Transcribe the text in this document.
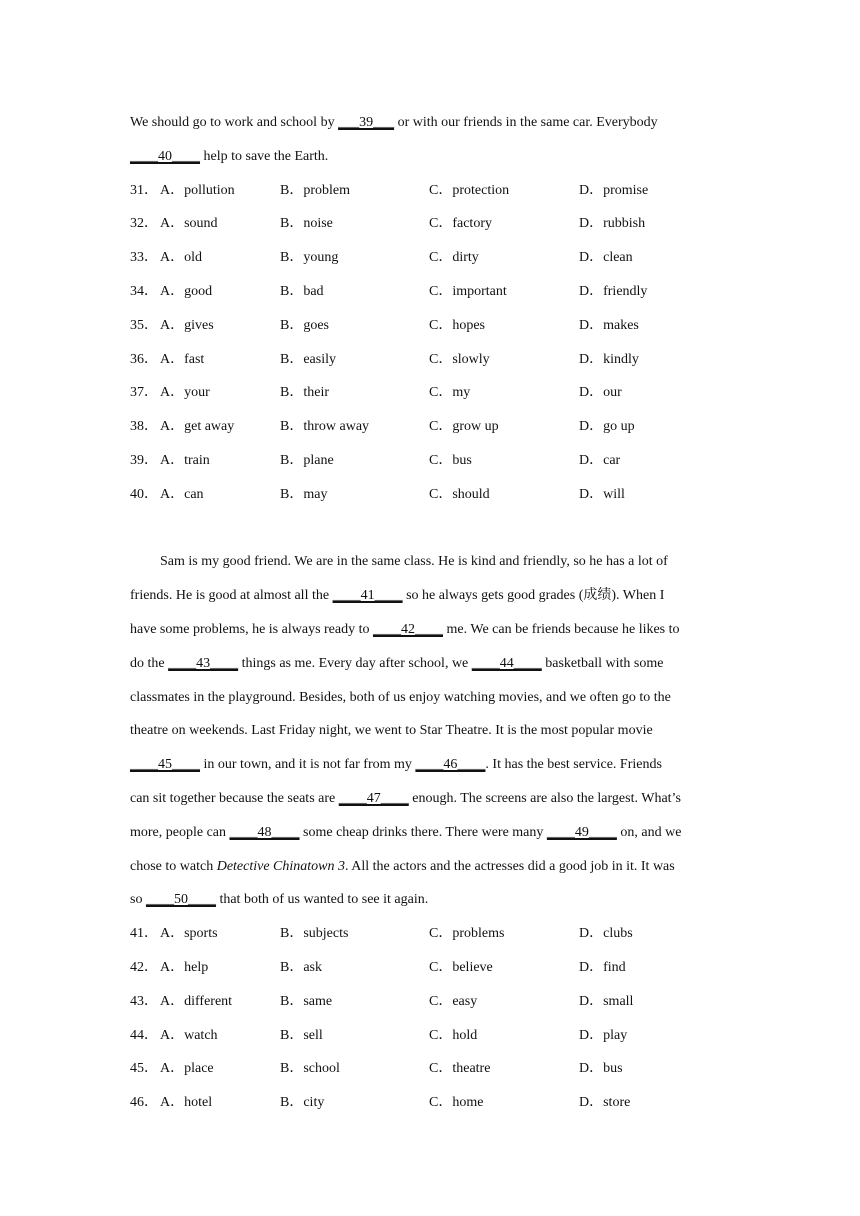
We should go to work and school by ___39___ or with our friends in the same car. Everybody
____40____ help to save the Earth.
31． A．pollution	B．problem	C．protection	D．promise
32． A．sound	B．noise	C．factory	D．rubbish
33． A．old	B．young	C．dirty	D．clean
34． A．good	B．bad	C．important	D．friendly
35． A．gives	B．goes	C．hopes	D．makes
36． A．fast	B．easily	C．slowly	D．kindly
37． A．your	B．their	C．my	D．our
38． A．get away	B．throw away	C．grow up	D．go up
39． A．train	B．plane	C．bus	D．car
40． A．can	B．may	C．should	D．will
Sam is my good friend. We are in the same class. He is kind and friendly, so he has a lot of
friends. He is good at almost all the ____41____ so he always gets good grades (成绩). When I
have some problems, he is always ready to ____42____ me. We can be friends because he likes to
do the ____43____ things as me. Every day after school, we ____44____ basketball with some
classmates in the playground. Besides, both of us enjoy watching movies, and we often go to the
theatre on weekends. Last Friday night, we went to Star Theatre. It is the most popular movie
____45____ in our town, and it is not far from my ____46____. It has the best service. Friends
can sit together because the seats are ____47____ enough. The screens are also the largest. What’s
more, people can ____48____ some cheap drinks there. There were many ____49____ on, and we
chose to watch Detective Chinatown 3. All the actors and the actresses did a good job in it. It was
so ____50____ that both of us wanted to see it again.
41． A．sports	B．subjects	C．problems	D．clubs
42． A．help	B．ask	C．believe	D．find
43． A．different	B．same	C．easy	D．small
44． A．watch	B．sell	C．hold	D．play
45． A．place	B．school	C．theatre	D．bus
46． A．hotel	B．city	C．home	D．store
